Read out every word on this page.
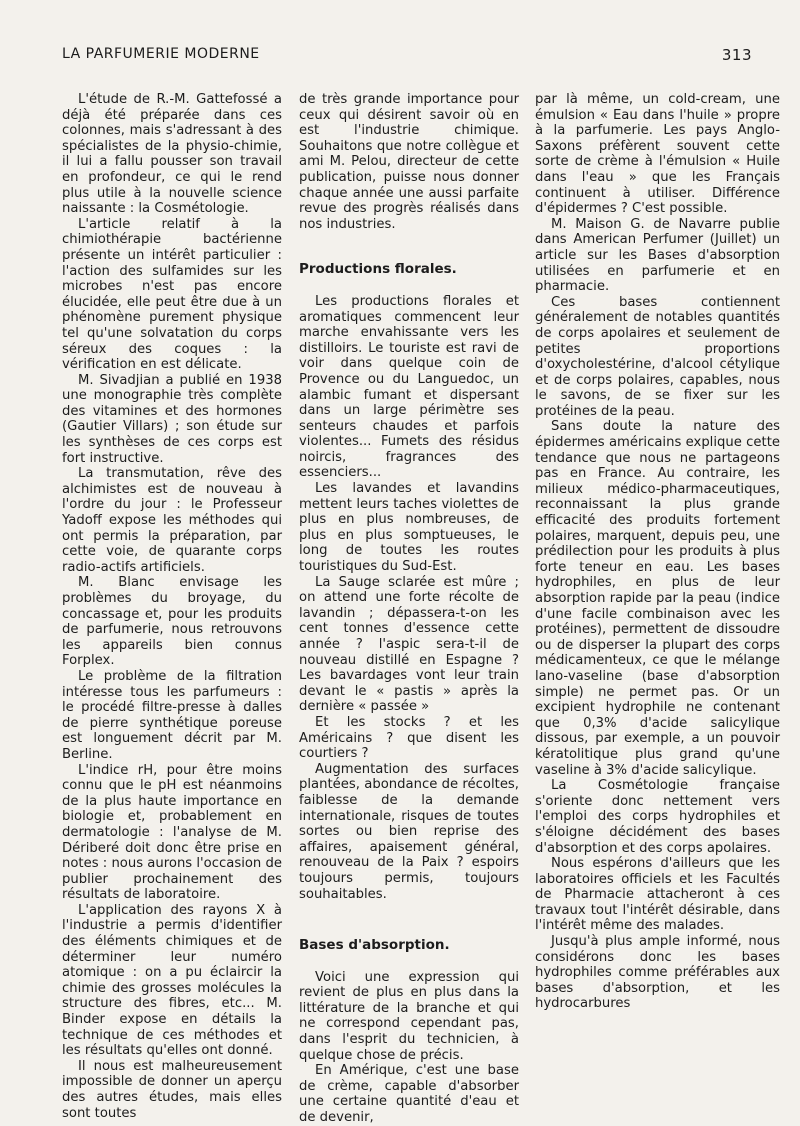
LA PARFUMERIE MODERNE	313

L'étude de R.-M. Gattefossé a déjà été préparée dans ces colonnes, mais s'adressant à des spécialistes de la physio-chimie, il lui a fallu pousser son travail en profondeur, ce qui le rend plus utile à la nouvelle science naissante : la Cosmétologie.

L'article relatif à la chimiothérapie bactérienne présente un intérêt particulier : l'action des sulfamides sur les microbes n'est pas encore élucidée, elle peut être due à un phénomène purement physique tel qu'une solvatation du corps séreux des coques : la vérification en est délicate.

M. Sivadjian a publié en 1938 une monographie très complète des vitamines et des hormones (Gautier Villars) ; son étude sur les synthèses de ces corps est fort instructive.

La transmutation, rêve des alchimistes est de nouveau à l'ordre du jour : le Professeur Yadoff expose les méthodes qui ont permis la préparation, par cette voie, de quarante corps radio-actifs artificiels.

M. Blanc envisage les problèmes du broyage, du concassage et, pour les produits de parfumerie, nous retrouvons les appareils bien connus Forplex.

Le problème de la filtration intéresse tous les parfumeurs : le procédé filtre-presse à dalles de pierre synthétique poreuse est longuement décrit par M. Berline.

L'indice rH, pour être moins connu que le pH est néanmoins de la plus haute importance en biologie et, probablement en dermatologie : l'analyse de M. Dériberé doit donc être prise en notes : nous aurons l'occasion de publier prochainement des résultats de laboratoire.

L'application des rayons X à l'industrie a permis d'identifier des éléments chimiques et de déterminer leur numéro atomique : on a pu éclaircir la chimie des grosses molécules la structure des fibres, etc... M. Binder expose en détails la technique de ces méthodes et les résultats qu'elles ont donné.

Il nous est malheureusement impossible de donner un aperçu des autres études, mais elles sont toutes

de très grande importance pour ceux qui désirent savoir où en est l'industrie chimique. Souhaitons que notre collègue et ami M. Pelou, directeur de cette publication, puisse nous donner chaque année une aussi parfaite revue des progrès réalisés dans nos industries.

Productions florales.

Les productions florales et aromatiques commencent leur marche envahissante vers les distilloirs. Le touriste est ravi de voir dans quelque coin de Provence ou du Languedoc, un alambic fumant et dispersant dans un large périmètre ses senteurs chaudes et parfois violentes... Fumets des résidus noircis, fragrances des essenciers...

Les lavandes et lavandins mettent leurs taches violettes de plus en plus nombreuses, de plus en plus somptueuses, le long de toutes les routes touristiques du Sud-Est.

La Sauge sclarée est mûre ; on attend une forte récolte de lavandin ; dépassera-t-on les cent tonnes d'essence cette année ? l'aspic sera-t-il de nouveau distillé en Espagne ? Les bavardages vont leur train devant le « pastis » après la dernière « passée »

Et les stocks ? et les Américains ? que disent les courtiers ?

Augmentation des surfaces plantées, abondance de récoltes, faiblesse de la demande internationale, risques de toutes sortes ou bien reprise des affaires, apaisement général, renouveau de la Paix ? espoirs toujours permis, toujours souhaitables.

Bases d'absorption.

Voici une expression qui revient de plus en plus dans la littérature de la branche et qui ne correspond cependant pas, dans l'esprit du technicien, à quelque chose de précis.

En Amérique, c'est une base de crème, capable d'absorber une certaine quantité d'eau et de devenir,

par là même, un cold-cream, une émulsion « Eau dans l'huile » propre à la parfumerie. Les pays Anglo-Saxons préfèrent souvent cette sorte de crème à l'émulsion « Huile dans l'eau » que les Français continuent à utiliser. Différence d'épidermes ? C'est possible.

M. Maison G. de Navarre publie dans American Perfumer (Juillet) un article sur les Bases d'absorption utilisées en parfumerie et en pharmacie.

Ces bases contiennent généralement de notables quantités de corps apolaires et seulement de petites proportions d'oxycholestérine, d'alcool cétylique et de corps polaires, capables, nous le savons, de se fixer sur les protéines de la peau.

Sans doute la nature des épidermes américains explique cette tendance que nous ne partageons pas en France. Au contraire, les milieux médico-pharmaceutiques, reconnaissant la plus grande efficacité des produits fortement polaires, marquent, depuis peu, une prédilection pour les produits à plus forte teneur en eau. Les bases hydrophiles, en plus de leur absorption rapide par la peau (indice d'une facile combinaison avec les protéines), permettent de dissoudre ou de disperser la plupart des corps médicamenteux, ce que le mélange lano-vaseline (base d'absorption simple) ne permet pas. Or un excipient hydrophile ne contenant que 0,3% d'acide salicylique dissous, par exemple, a un pouvoir kératolitique plus grand qu'une vaseline à 3% d'acide salicylique.

La Cosmétologie française s'oriente donc nettement vers l'emploi des corps hydrophiles et s'éloigne décidément des bases d'absorption et des corps apolaires.

Nous espérons d'ailleurs que les laboratoires officiels et les Facultés de Pharmacie attacheront à ces travaux tout l'intérêt désirable, dans l'intérêt même des malades.

Jusqu'à plus ample informé, nous considérons donc les bases hydrophiles comme préférables aux bases d'absorption, et les hydrocarbures
